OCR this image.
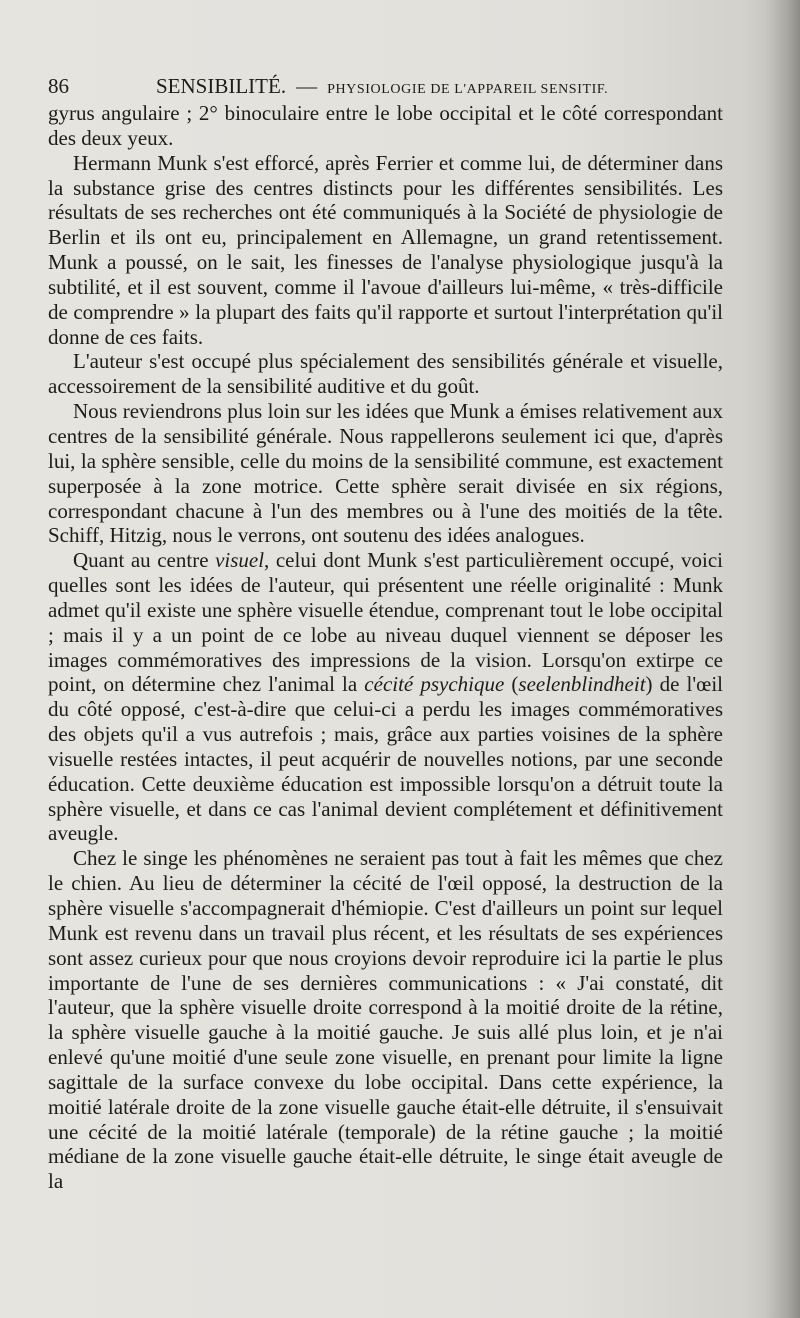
86	SENSIBILITÉ. — PHYSIOLOGIE DE L'APPAREIL SENSITIF.

gyrus angulaire ; 2° binoculaire entre le lobe occipital et le côté correspondant des deux yeux.

Hermann Munk s'est efforcé, après Ferrier et comme lui, de déterminer dans la substance grise des centres distincts pour les différentes sensibilités. Les résultats de ses recherches ont été communiqués à la Société de physiologie de Berlin et ils ont eu, principalement en Allemagne, un grand retentissement. Munk a poussé, on le sait, les finesses de l'analyse physiologique jusqu'à la subtilité, et il est souvent, comme il l'avoue d'ailleurs lui-même, « très-difficile de comprendre » la plupart des faits qu'il rapporte et surtout l'interprétation qu'il donne de ces faits.

L'auteur s'est occupé plus spécialement des sensibilités générale et visuelle, accessoirement de la sensibilité auditive et du goût.

Nous reviendrons plus loin sur les idées que Munk a émises relativement aux centres de la sensibilité générale. Nous rappellerons seulement ici que, d'après lui, la sphère sensible, celle du moins de la sensibilité commune, est exactement superposée à la zone motrice. Cette sphère serait divisée en six régions, correspondant chacune à l'un des membres ou à l'une des moitiés de la tête. Schiff, Hitzig, nous le verrons, ont soutenu des idées analogues.

Quant au centre visuel, celui dont Munk s'est particulièrement occupé, voici quelles sont les idées de l'auteur, qui présentent une réelle originalité : Munk admet qu'il existe une sphère visuelle étendue, comprenant tout le lobe occipital ; mais il y a un point de ce lobe au niveau duquel viennent se déposer les images commémoratives des impressions de la vision. Lorsqu'on extirpe ce point, on détermine chez l'animal la cécité psychique (seelenblindheit) de l'œil du côté opposé, c'est-à-dire que celui-ci a perdu les images commémoratives des objets qu'il a vus autrefois ; mais, grâce aux parties voisines de la sphère visuelle restées intactes, il peut acquérir de nouvelles notions, par une seconde éducation. Cette deuxième éducation est impossible lorsqu'on a détruit toute la sphère visuelle, et dans ce cas l'animal devient complétement et définitivement aveugle.

Chez le singe les phénomènes ne seraient pas tout à fait les mêmes que chez le chien. Au lieu de déterminer la cécité de l'œil opposé, la destruction de la sphère visuelle s'accompagnerait d'hémiopie. C'est d'ailleurs un point sur lequel Munk est revenu dans un travail plus récent, et les résultats de ses expériences sont assez curieux pour que nous croyions devoir reproduire ici la partie le plus importante de l'une de ses dernières communications : « J'ai constaté, dit l'auteur, que la sphère visuelle droite correspond à la moitié droite de la rétine, la sphère visuelle gauche à la moitié gauche. Je suis allé plus loin, et je n'ai enlevé qu'une moitié d'une seule zone visuelle, en prenant pour limite la ligne sagittale de la surface convexe du lobe occipital. Dans cette expérience, la moitié latérale droite de la zone visuelle gauche était-elle détruite, il s'ensuivait une cécité de la moitié latérale (temporale) de la rétine gauche ; la moitié médiane de la zone visuelle gauche était-elle détruite, le singe était aveugle de la
